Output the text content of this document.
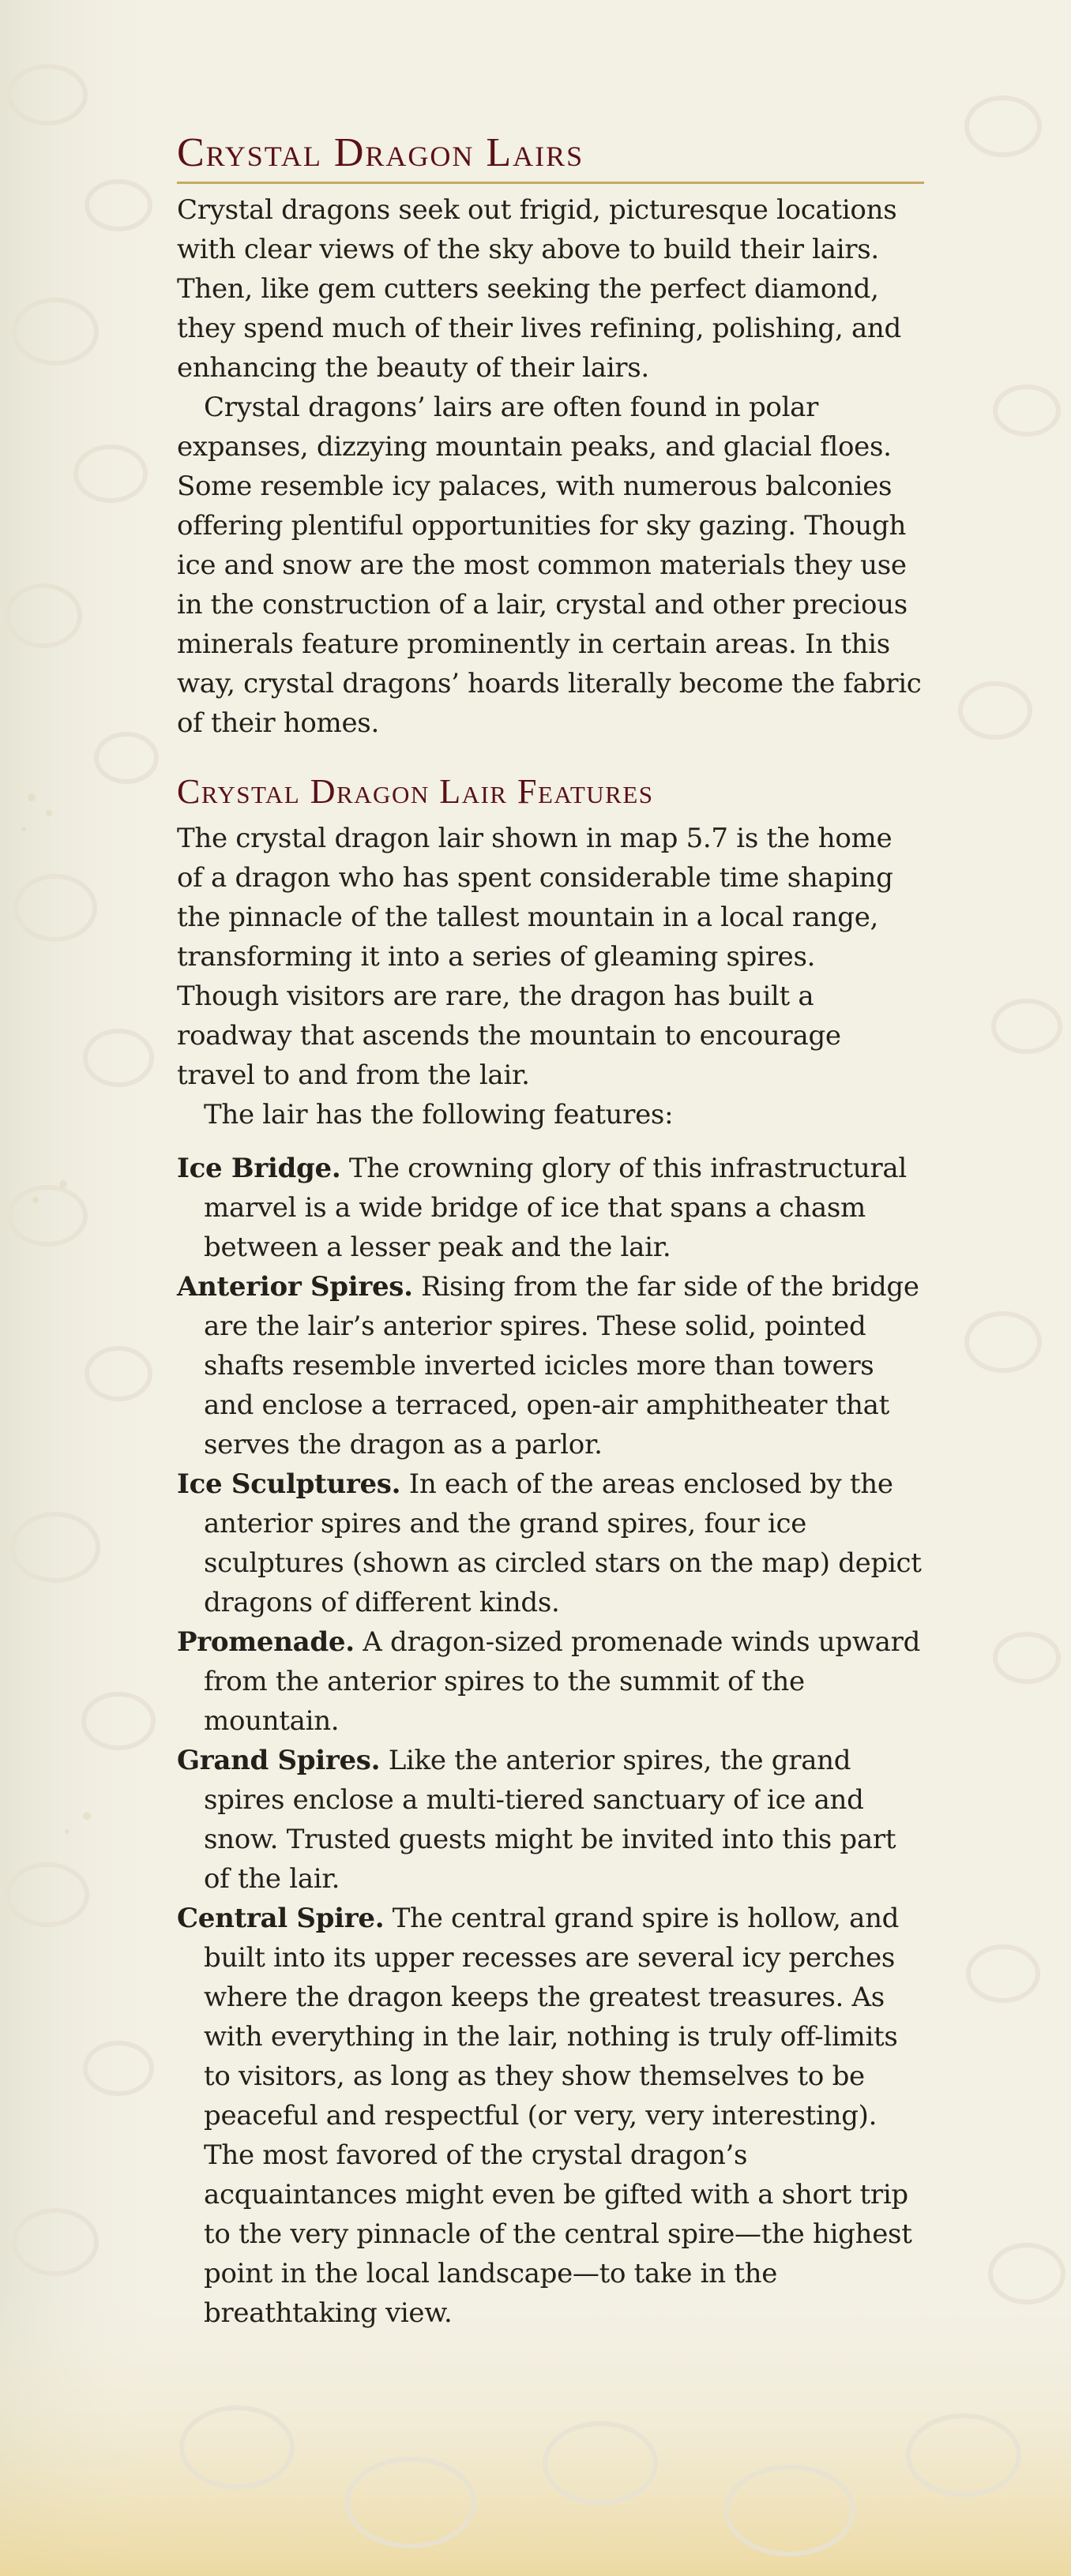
Crystal Dragon Lairs

Crystal dragons seek out frigid, picturesque locations with clear views of the sky above to build their lairs. Then, like gem cutters seeking the perfect diamond, they spend much of their lives refining, polishing, and enhancing the beauty of their lairs.

Crystal dragons’ lairs are often found in polar expanses, dizzying mountain peaks, and glacial floes. Some resemble icy palaces, with numerous balconies offering plentiful opportunities for sky gazing. Though ice and snow are the most common materials they use in the construction of a lair, crystal and other precious minerals feature prominently in certain areas. In this way, crystal dragons’ hoards literally become the fabric of their homes.

Crystal Dragon Lair Features

The crystal dragon lair shown in map 5.7 is the home of a dragon who has spent considerable time shaping the pinnacle of the tallest mountain in a local range, transforming it into a series of gleaming spires. Though visitors are rare, the dragon has built a roadway that ascends the mountain to encourage travel to and from the lair.

The lair has the following features:

Ice Bridge. The crowning glory of this infrastructural marvel is a wide bridge of ice that spans a chasm between a lesser peak and the lair.

Anterior Spires. Rising from the far side of the bridge are the lair’s anterior spires. These solid, pointed shafts resemble inverted icicles more than towers and enclose a terraced, open-air amphitheater that serves the dragon as a parlor.

Ice Sculptures. In each of the areas enclosed by the anterior spires and the grand spires, four ice sculptures (shown as circled stars on the map) depict dragons of different kinds.

Promenade. A dragon-sized promenade winds upward from the anterior spires to the summit of the mountain.

Grand Spires. Like the anterior spires, the grand spires enclose a multi-tiered sanctuary of ice and snow. Trusted guests might be invited into this part of the lair.

Central Spire. The central grand spire is hollow, and built into its upper recesses are several icy perches where the dragon keeps the greatest treasures. As with everything in the lair, nothing is truly off-limits to visitors, as long as they show themselves to be peaceful and respectful (or very, very interesting). The most favored of the crystal dragon’s acquaintances might even be gifted with a short trip to the very pinnacle of the central spire—the highest point in the local landscape—to take in the breathtaking view.
